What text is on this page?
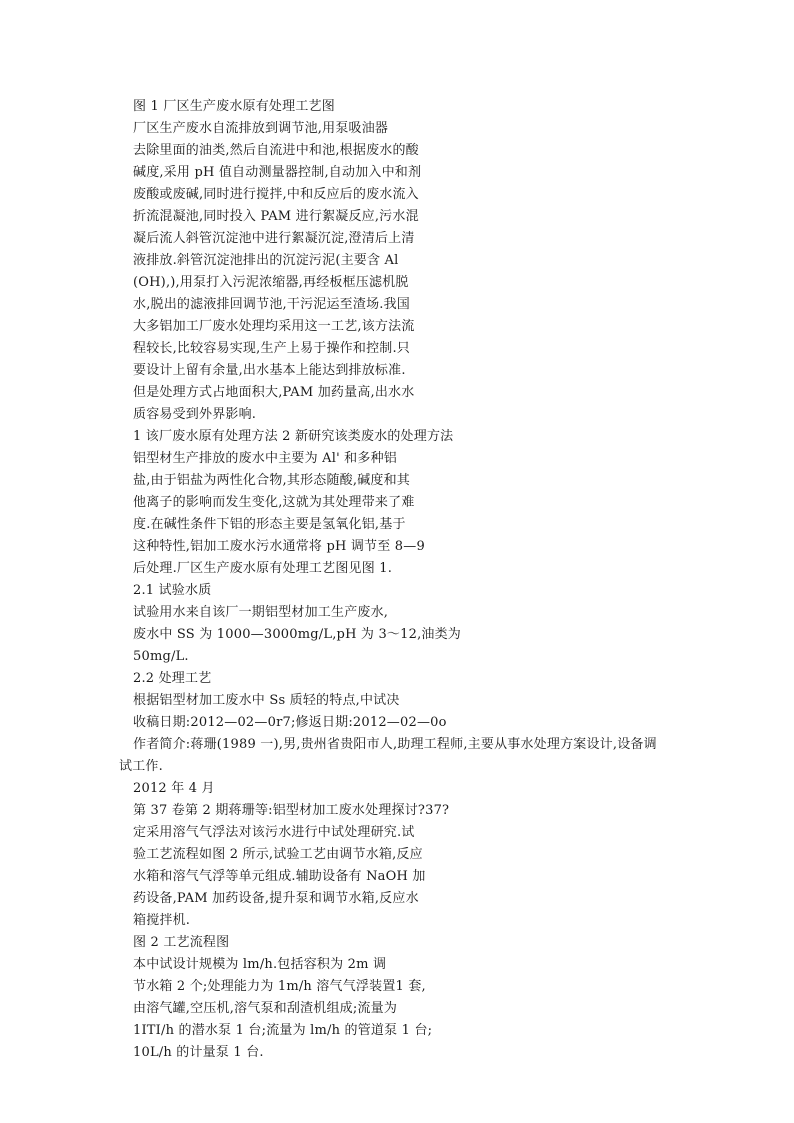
图 1 厂区生产废水原有处理工艺图
厂区生产废水自流排放到调节池,用泵吸油器
去除里面的油类,然后自流进中和池,根据废水的酸
碱度,采用 pH 值自动测量器控制,自动加入中和剂
废酸或废碱,同时进行搅拌,中和反应后的废水流入
折流混凝池,同时投入 PAM 进行絮凝反应,污水混
凝后流人斜管沉淀池中进行絮凝沉淀,澄清后上清
液排放.斜管沉淀池排出的沉淀污泥(主要含 Al
(OH),),用泵打入污泥浓缩器,再经板框压滤机脱
水,脱出的滤液排回调节池,干污泥运至渣场.我国
大多铝加工厂废水处理均采用这一工艺,该方法流
程较长,比较容易实现,生产上易于操作和控制.只
要设计上留有余量,出水基本上能达到排放标准.
但是处理方式占地面积大,PAM 加药量高,出水水
质容易受到外界影响.
1 该厂废水原有处理方法 2 新研究该类废水的处理方法
铝型材生产排放的废水中主要为 Al' 和多种铝
盐,由于铝盐为两性化合物,其形态随酸,碱度和其
他离子的影响而发生变化,这就为其处理带来了难
度.在碱性条件下铝的形态主要是氢氧化铝,基于
这种特性,铝加工废水污水通常将 pH 调节至 8—9
后处理.厂区生产废水原有处理工艺图见图 1.
2.1 试验水质
试验用水来自该厂一期铝型材加工生产废水,
废水中 SS 为 1000—3000mg/L,pH 为 3～12,油类为
50mg/L.
2.2 处理工艺
根据铝型材加工废水中 Ss 质轻的特点,中试决
收稿日期:2012—02—0r7;修返日期:2012—02—0o
作者简介:蒋珊(1989 一),男,贵州省贵阳市人,助理工程师,主要从事水处理方案设计,设备调
试工作.
2012 年 4 月
第 37 卷第 2 期蒋珊等:铝型材加工废水处理探讨?37?
定采用溶气气浮法对该污水进行中试处理研究.试
验工艺流程如图 2 所示,试验工艺由调节水箱,反应
水箱和溶气气浮等单元组成.辅助设备有 NaOH 加
药设备,PAM 加药设备,提升泵和调节水箱,反应水
箱搅拌机.
图 2 工艺流程图
本中试设计规模为 lm/h.包括容积为 2m 调
节水箱 2 个;处理能力为 1m/h 溶气气浮装置1 套,
由溶气罐,空压机,溶气泵和刮渣机组成;流量为
1ITI/h 的潜水泵 1 台;流量为 lm/h 的管道泵 1 台;
10L/h 的计量泵 1 台.
